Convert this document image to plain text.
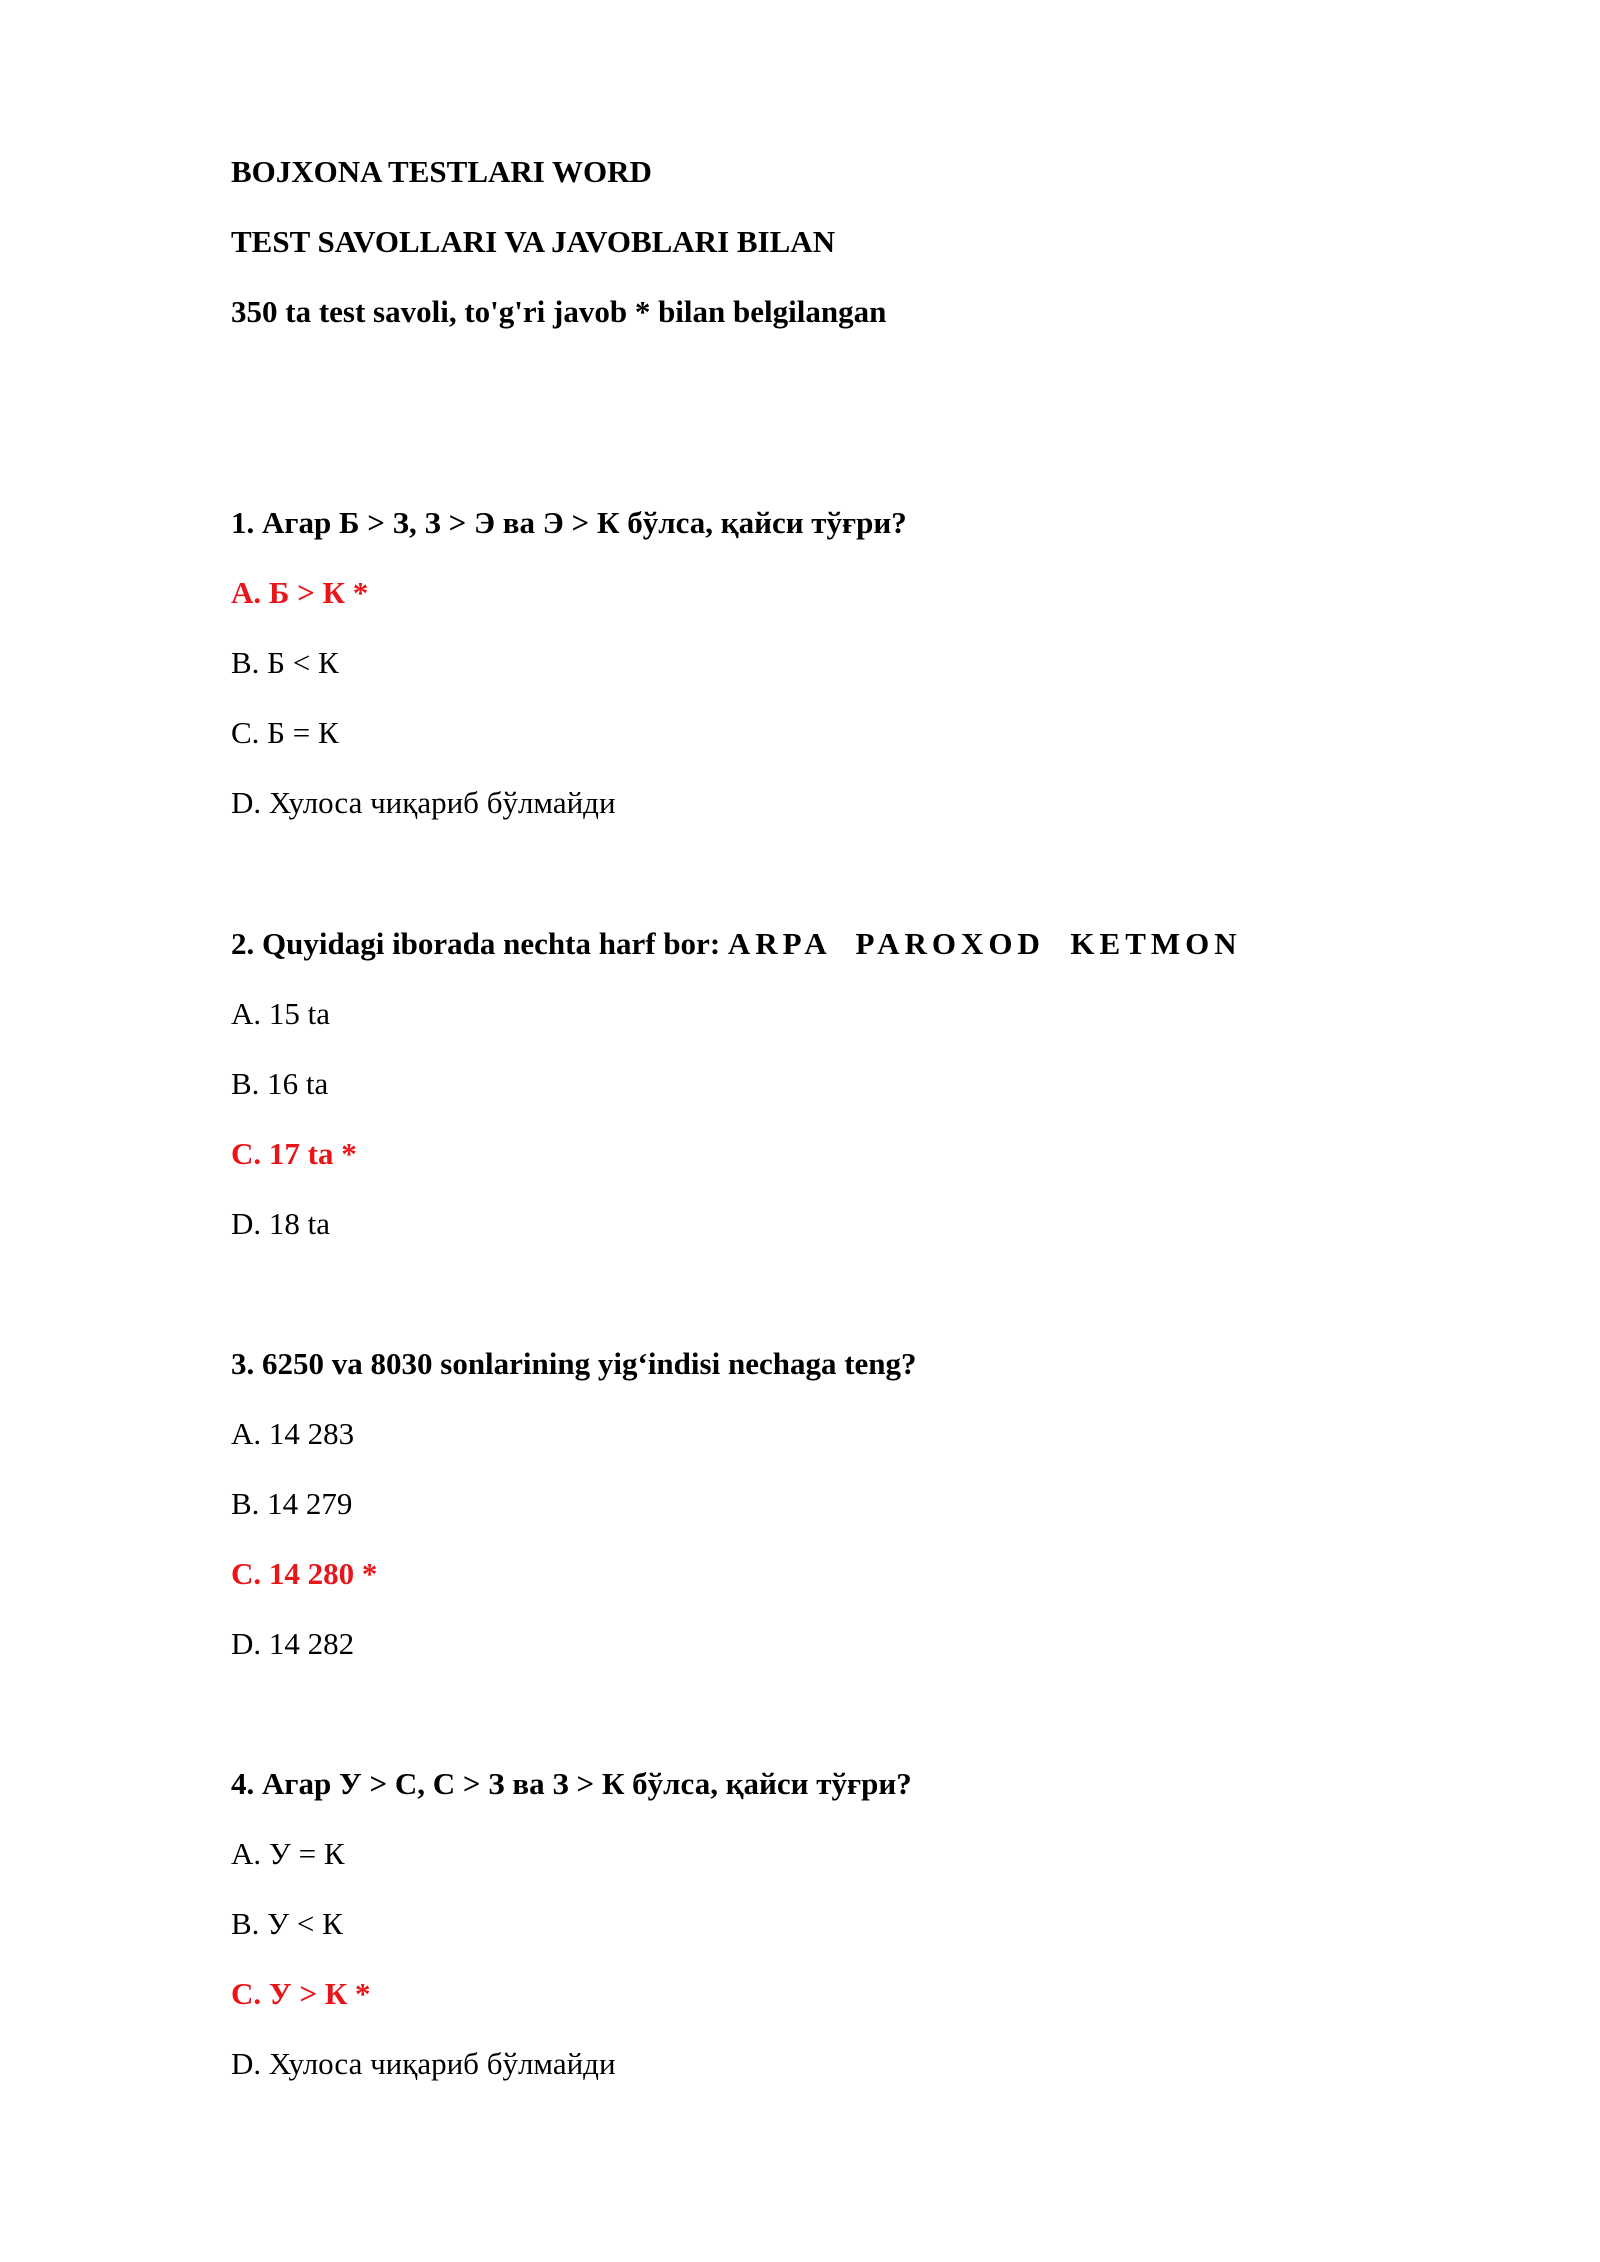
BOJXONA TESTLARI WORD
TEST SAVOLLARI VA JAVOBLARI BILAN
350 ta test savoli, to'g'ri javob * bilan belgilangan
1. Агар Б > З, З > Э ва Э > К бўлса, қайси тўғри?
A. Б > К *
B. Б < К
C. Б = К
D. Хулоса чиқариб бўлмайди
2. Quyidagi iborada nechta harf bor: ARPA  PAROXOD  KETMON
A. 15 ta
B. 16 ta
C. 17 ta *
D. 18 ta
3. 6250 va 8030 sonlarining yig‘indisi nechaga teng?
A. 14 283
B. 14 279
C. 14 280 *
D. 14 282
4. Агар У > С, С > З ва З > К бўлса, қайси тўғри?
A. У = К
B. У < К
C. У > К *
D. Хулоса чиқариб бўлмайди
